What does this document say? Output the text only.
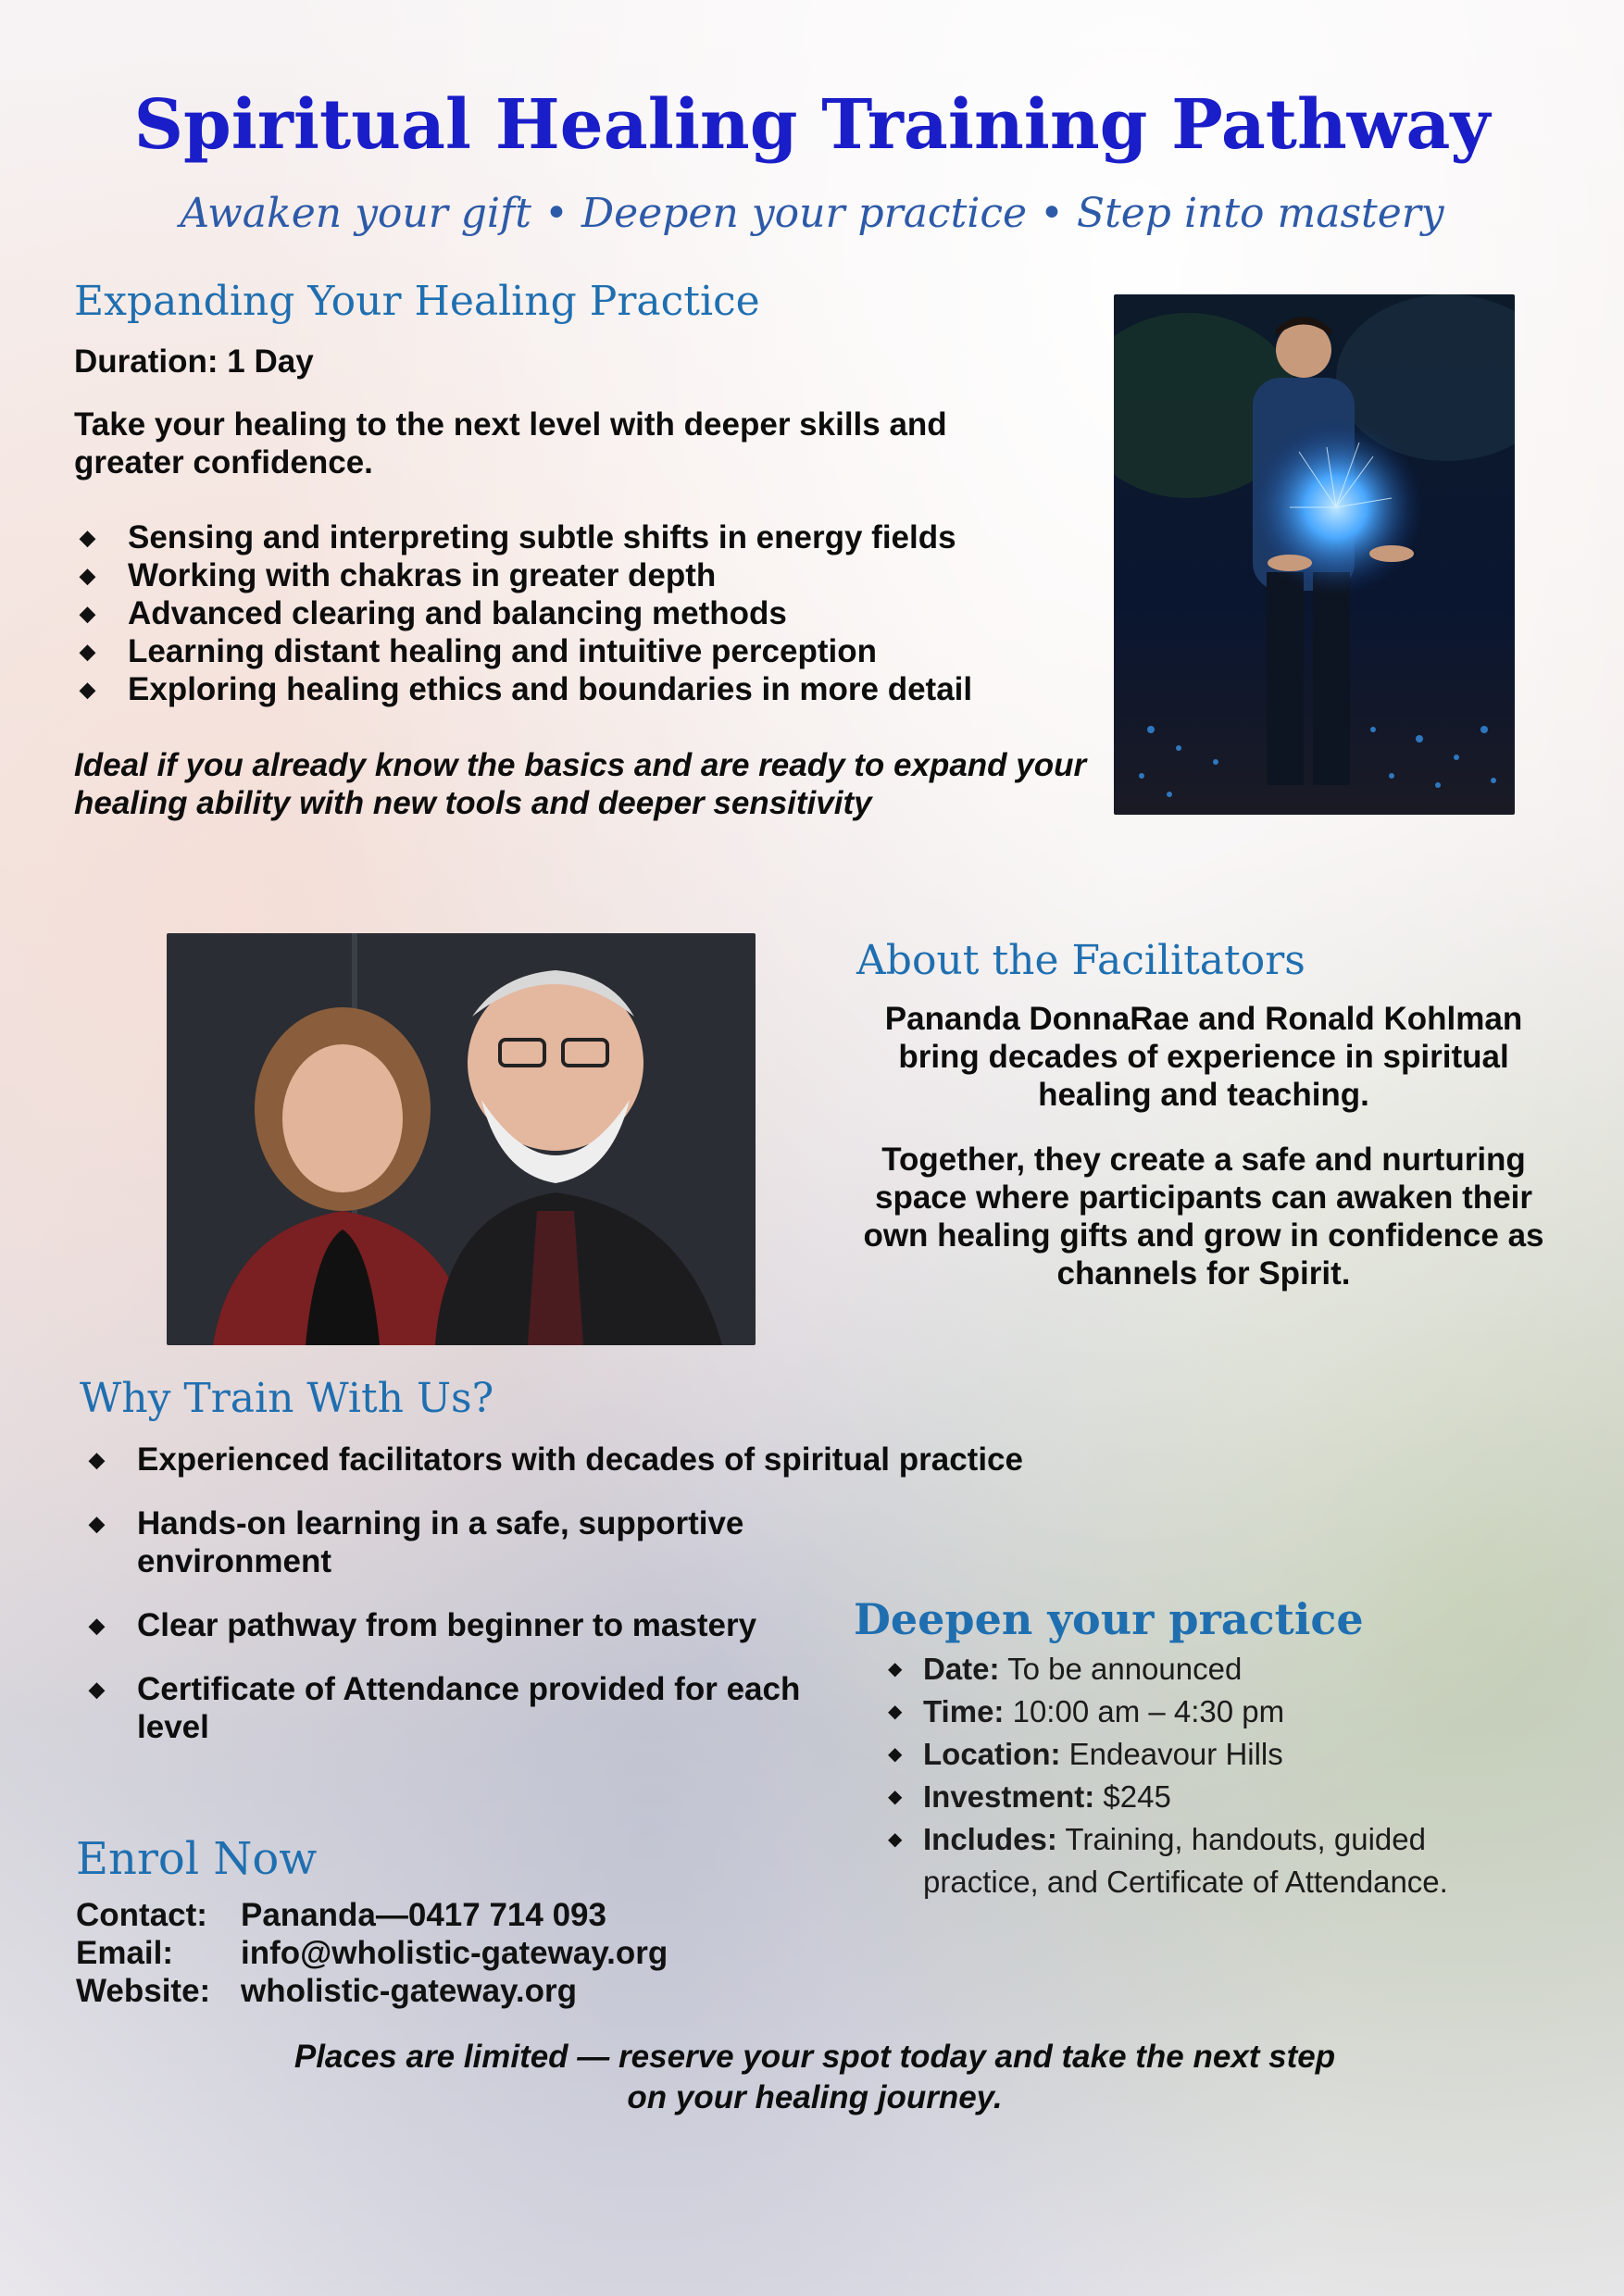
Spiritual Healing Training Pathway
Awaken your gift • Deepen your practice • Step into mastery
Expanding Your Healing Practice
Duration: 1 Day
Take your healing to the next level with deeper skills and greater confidence.
◆ Sensing and interpreting subtle shifts in energy fields
◆ Working with chakras in greater depth
◆ Advanced clearing and balancing methods
◆ Learning distant healing and intuitive perception
◆ Exploring healing ethics and boundaries in more detail
Ideal if you already know the basics and are ready to expand your healing ability with new tools and deeper sensitivity
About the Facilitators
Pananda DonnaRae and Ronald Kohlman bring decades of experience in spiritual healing and teaching.
Together, they create a safe and nurturing space where participants can awaken their own healing gifts and grow in confidence as channels for Spirit.
Why Train With Us?
◆ Experienced facilitators with decades of spiritual practice
◆ Hands-on learning in a safe, supportive environment
◆ Clear pathway from beginner to mastery
◆ Certificate of Attendance provided for each level
Deepen your practice
◆ Date: To be announced
◆ Time: 10:00 am – 4:30 pm
◆ Location: Endeavour Hills
◆ Investment: $245
◆ Includes: Training, handouts, guided practice, and Certificate of Attendance.
Enrol Now
Contact: Pananda—0417 714 093
Email: info@wholistic-gateway.org
Website: wholistic-gateway.org
Places are limited — reserve your spot today and take the next step on your healing journey.
